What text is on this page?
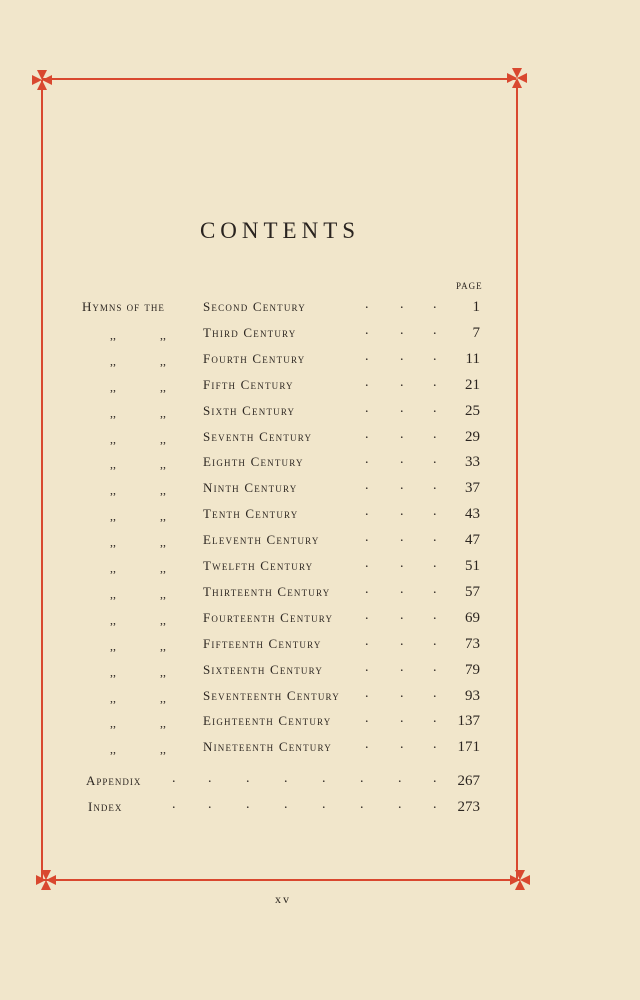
CONTENTS
PAGE
Hymns of the	Second Century	. . . 1
,,	,,	Third Century	. . . 7
,,	,,	Fourth Century	. . . 11
,,	,,	Fifth Century	. . . 21
,,	,,	Sixth Century	. . . 25
,,	,,	Seventh Century	. . . 29
,,	,,	Eighth Century	. . . 33
,,	,,	Ninth Century	. . . 37
,,	,,	Tenth Century	. . . 43
,,	,,	Eleventh Century	. . . 47
,,	,,	Twelfth Century	. . . 51
,,	,,	Thirteenth Century . . . 57
,,	,,	Fourteenth Century . . . 69
,,	,,	Fifteenth Century	. . . 73
,,	,,	Sixteenth Century	. . . 79
,,	,,	Seventeenth Century . . . 93
,,	,,	Eighteenth Century . . . 137
,,	,,	Nineteenth Century . . . 171
Appendix . . . . . . . . 267
Index	. . . . . . . . 273
xv
